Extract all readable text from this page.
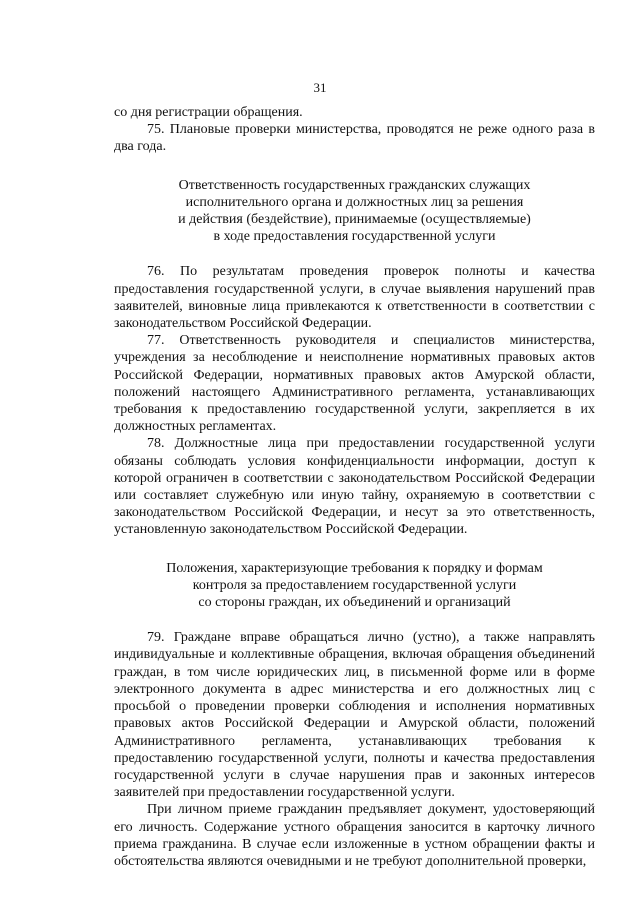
31

со дня регистрации обращения.

75. Плановые проверки министерства, проводятся не реже одного раза в два года.

Ответственность государственных гражданских служащих
исполнительного органа и должностных лиц за решения
и действия (бездействие), принимаемые (осуществляемые)
в ходе предоставления государственной услуги

76. По результатам проведения проверок полноты и качества предоставления государственной услуги, в случае выявления нарушений прав заявителей, виновные лица привлекаются к ответственности в соответствии с законодательством Российской Федерации.

77. Ответственность руководителя и специалистов министерства, учреждения за несоблюдение и неисполнение нормативных правовых актов Российской Федерации, нормативных правовых актов Амурской области, положений настоящего Административного регламента, устанавливающих требования к предоставлению государственной услуги, закрепляется в их должностных регламентах.

78. Должностные лица при предоставлении государственной услуги обязаны соблюдать условия конфиденциальности информации, доступ к которой ограничен в соответствии с законодательством Российской Федерации или составляет служебную или иную тайну, охраняемую в соответствии с законодательством Российской Федерации, и несут за это ответственность, установленную законодательством Российской Федерации.

Положения, характеризующие требования к порядку и формам
контроля за предоставлением государственной услуги
со стороны граждан, их объединений и организаций

79. Граждане вправе обращаться лично (устно), а также направлять индивидуальные и коллективные обращения, включая обращения объединений граждан, в том числе юридических лиц, в письменной форме или в форме электронного документа в адрес министерства и его должностных лиц с просьбой о проведении проверки соблюдения и исполнения нормативных правовых актов Российской Федерации и Амурской области, положений Административного регламента, устанавливающих требования к предоставлению государственной услуги, полноты и качества предоставления государственной услуги в случае нарушения прав и законных интересов заявителей при предоставлении государственной услуги.

При личном приеме гражданин предъявляет документ, удостоверяющий его личность. Содержание устного обращения заносится в карточку личного приема гражданина. В случае если изложенные в устном обращении факты и обстоятельства являются очевидными и не требуют дополнительной проверки,
